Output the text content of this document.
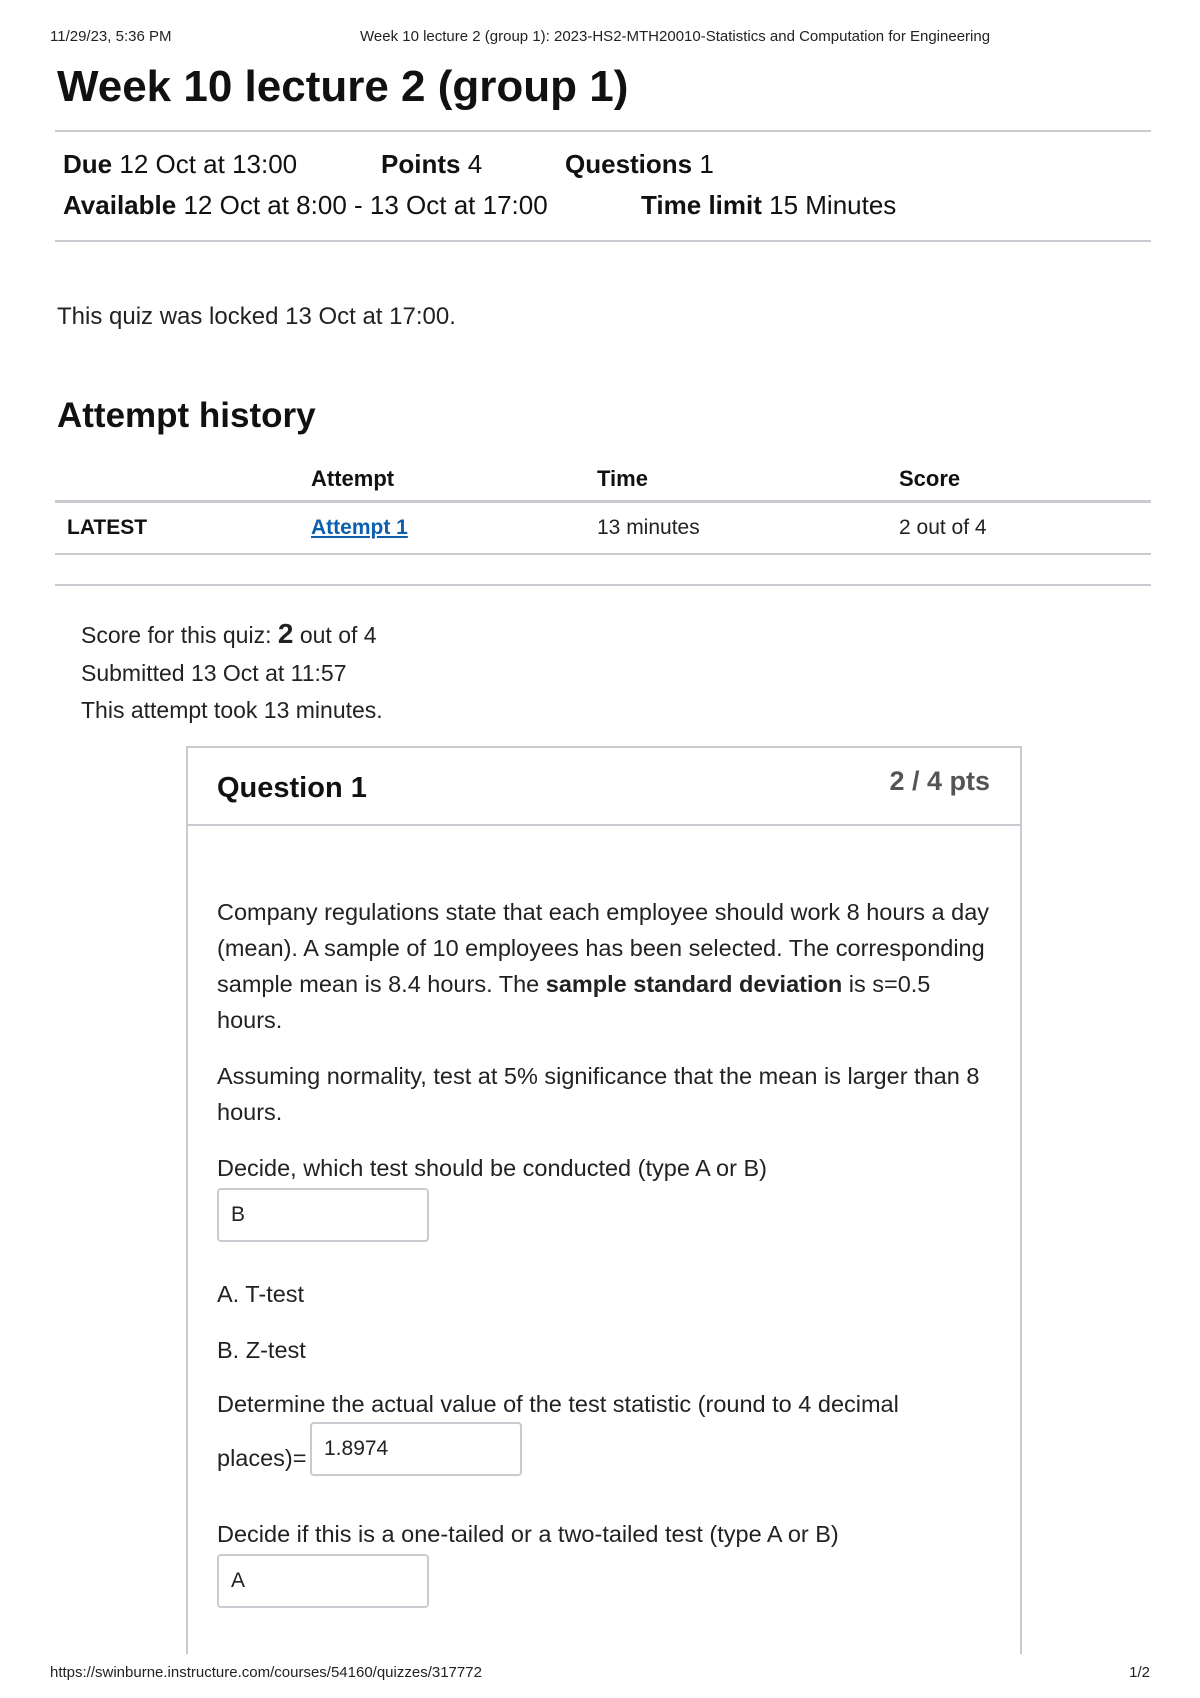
11/29/23, 5:36 PM	Week 10 lecture 2 (group 1): 2023-HS2-MTH20010-Statistics and Computation for Engineering
Week 10 lecture 2 (group 1)
Due 12 Oct at 13:00	Points 4	Questions 1
Available 12 Oct at 8:00 - 13 Oct at 17:00	Time limit 15 Minutes

This quiz was locked 13 Oct at 17:00.

Attempt history
	Attempt	Time	Score
LATEST	Attempt 1	13 minutes	2 out of 4
Score for this quiz: 2 out of 4
Submitted 13 Oct at 11:57
This attempt took 13 minutes.
Question 1	2 / 4 pts

Company regulations state that each employee should work 8 hours a day (mean). A sample of 10 employees has been selected. The corresponding sample mean is 8.4 hours. The sample standard deviation is s=0.5 hours.

Assuming normality, test at 5% significance that the mean is larger than 8 hours.

Decide, which test should be conducted (type A or B)

B

A. T-test

B. Z-test

Determine the actual value of the test statistic (round to 4 decimal

places)= 1.8974

Decide if this is a one-tailed or a two-tailed test (type A or B)

A
https://swinburne.instructure.com/courses/54160/quizzes/317772	1/2
